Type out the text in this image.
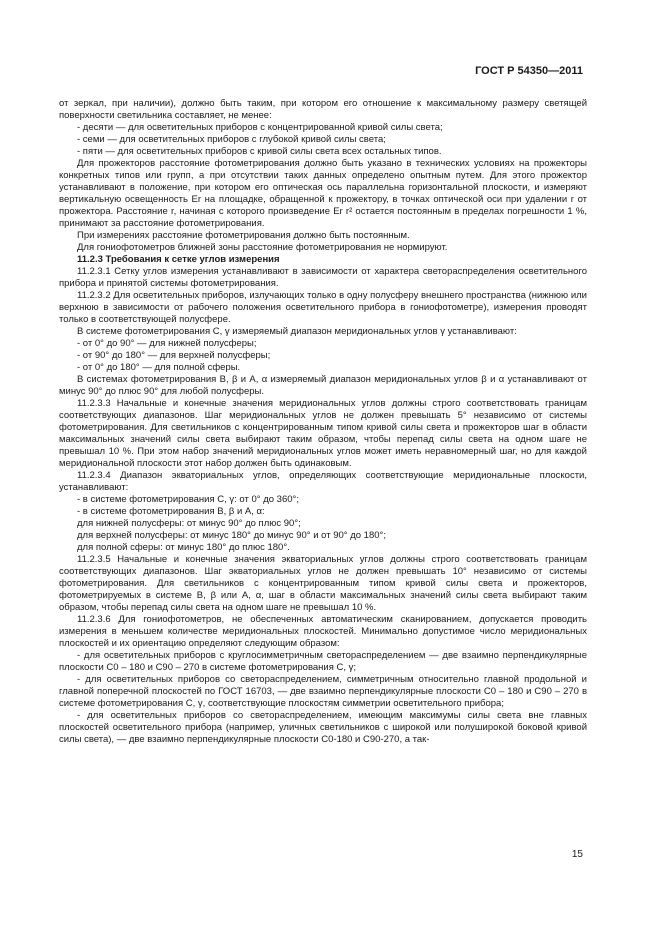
ГОСТ Р 54350—2011

от зеркал, при наличии), должно быть таким, при котором его отношение к максимальному размеру светящей поверхности светильника составляет, не менее:

- десяти — для осветительных приборов с концентрированной кривой силы света;

- семи — для осветительных приборов с глубокой кривой силы света;

- пяти — для осветительных приборов с кривой силы света всех остальных типов.

Для прожекторов расстояние фотометрирования должно быть указано в технических условиях на прожекторы конкретных типов или групп, а при отсутствии таких данных определено опытным путем. Для этого прожектор устанавливают в положение, при котором его оптическая ось параллельна горизонтальной плоскости, и измеряют вертикальную освещенность Er на площадке, обращенной к прожектору, в точках оптической оси при удалении r от прожектора. Расстояние r, начиная с которого произведение Er r² остается постоянным в пределах погрешности 1 %, принимают за расстояние фотометрирования.

При измерениях расстояние фотометрирования должно быть постоянным.

Для гониофотометров ближней зоны расстояние фотометрирования не нормируют.

11.2.3 Требования к сетке углов измерения

11.2.3.1 Сетку углов измерения устанавливают в зависимости от характера светораспределения осветительного прибора и принятой системы фотометрирования.

11.2.3.2 Для осветительных приборов, излучающих только в одну полусферу внешнего пространства (нижнюю или верхнюю в зависимости от рабочего положения осветительного прибора в гониофотометре), измерения проводят только в соответствующей полусфере.

В системе фотометрирования C, γ измеряемый диапазон меридиональных углов γ устанавливают:

- от 0° до 90° — для нижней полусферы;

- от 90° до 180° — для верхней полусферы;

- от 0° до 180° — для полной сферы.

В системах фотометрирования B, β и A, α измеряемый диапазон меридиональных углов β и α устанавливают от минус 90° до плюс 90° для любой полусферы.

11.2.3.3 Начальные и конечные значения меридиональных углов должны строго соответствовать границам соответствующих диапазонов. Шаг меридиональных углов не должен превышать 5° независимо от системы фотометрирования. Для светильников с концентрированным типом кривой силы света и прожекторов шаг в области максимальных значений силы света выбирают таким образом, чтобы перепад силы света на одном шаге не превышал 10 %. При этом набор значений меридиональных углов может иметь неравномерный шаг, но для каждой меридиональной плоскости этот набор должен быть одинаковым.

11.2.3.4 Диапазон экваториальных углов, определяющих соответствующие меридиональные плоскости, устанавливают:

- в системе фотометрирования C, γ: от 0° до 360°;

- в системе фотометрирования B, β и A, α:

для нижней полусферы: от минус 90° до плюс 90°;

для верхней полусферы: от минус 180° до минус 90° и от 90° до 180°;

для полной сферы: от минус 180° до плюс 180°.

11.2.3.5 Начальные и конечные значения экваториальных углов должны строго соответствовать границам соответствующих диапазонов. Шаг экваториальных углов не должен превышать 10° независимо от системы фотометрирования. Для светильников с концентрированным типом кривой силы света и прожекторов, фотометрируемых в системе B, β или A, α, шаг в области максимальных значений силы света выбирают таким образом, чтобы перепад силы света на одном шаге не превышал 10 %.

11.2.3.6 Для гониофотометров, не обеспеченных автоматическим сканированием, допускается проводить измерения в меньшем количестве меридиональных плоскостей. Минимально допустимое число меридиональных плоскостей и их ориентацию определяют следующим образом:

- для осветительных приборов с круглосимметричным светораспределением — две взаимно перпендикулярные плоскости C0 – 180 и C90 – 270 в системе фотометрирования C, γ;

- для осветительных приборов со светораспределением, симметричным относительно главной продольной и главной поперечной плоскостей по ГОСТ 16703, — две взаимно перпендикулярные плоскости C0 – 180 и C90 – 270 в системе фотометрирования C, γ, соответствующие плоскостям симметрии осветительного прибора;

- для осветительных приборов со светораспределением, имеющим максимумы силы света вне главных плоскостей осветительного прибора (например, уличных светильников с широкой или полуширокой боковой кривой силы света), — две взаимно перпендикулярные плоскости C0-180 и C90-270, а так-

15
